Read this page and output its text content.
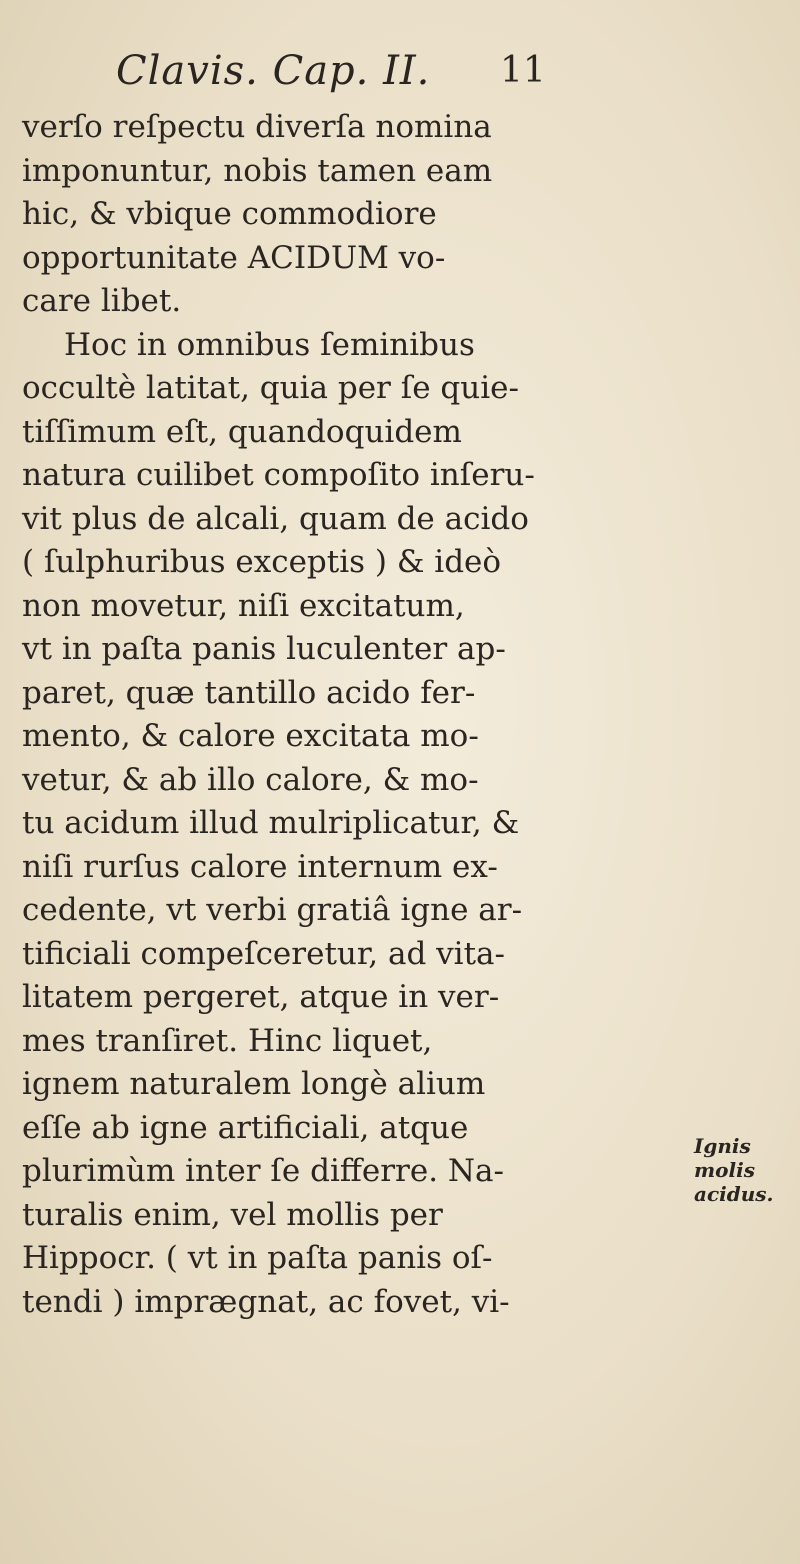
Clavis. Cap. II. 11
verſo reſpectu diverſa nomina
imponuntur, nobis tamen eam
hic, & vbique commodiore
opportunitate ACIDUM vo-
care libet.
Hoc in omnibus ſeminibus
occultè latitat, quia per ſe quie-
tiſſimum eſt, quandoquidem
natura cuilibet compoſito inſeru-
vit plus de alcali, quam de acido
( ſulphuribus exceptis ) & ideò
non movetur, niſi excitatum,
vt in paſta panis luculenter ap-
paret, quæ tantillo acido fer-
mento, & calore excitata mo-
vetur, & ab illo calore, & mo-
tu acidum illud mulriplicatur, &
niſi rurſus calore internum ex-
cedente, vt verbi gratiâ igne ar-
tificiali compeſceretur, ad vita-
litatem pergeret, atque in ver-
mes tranſiret. Hinc liquet,
ignem naturalem longè alium
eſſe ab igne artificiali, atque
plurimùm inter ſe differre. Na-
turalis enim, vel mollis per
Hippocr. ( vt in paſta panis oſ-
tendi ) imprægnat, ac fovet, vi-
Ignis
molis
acidus.
